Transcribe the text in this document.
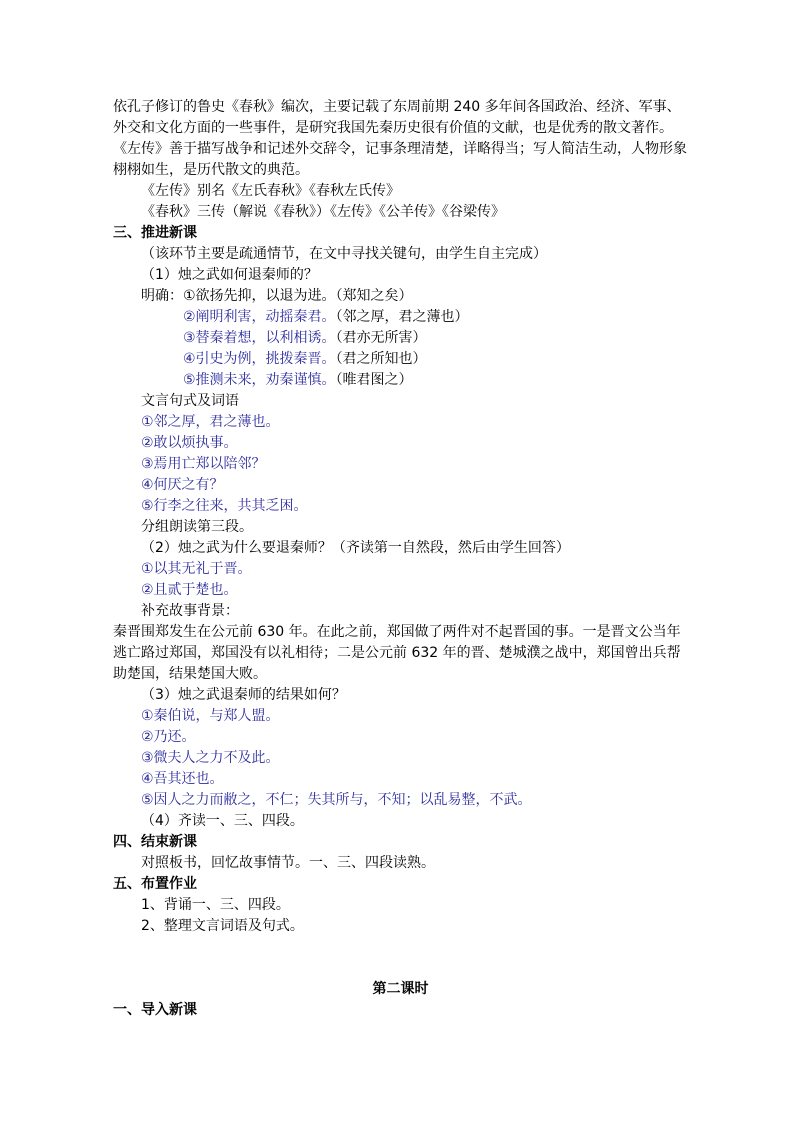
依孔子修订的鲁史《春秋》编次，主要记载了东周前期 240 多年间各国政治、经济、军事、外交和文化方面的一些事件，是研究我国先秦历史很有价值的文献，也是优秀的散文著作。《左传》善于描写战争和记述外交辞令，记事条理清楚，详略得当；写人简洁生动，人物形象栩栩如生，是历代散文的典范。
《左传》别名《左氏春秋》《春秋左氏传》
《春秋》三传（解说《春秋》）《左传》《公羊传》《谷梁传》
三、推进新课
（该环节主要是疏通情节，在文中寻找关键句，由学生自主完成）
（1）烛之武如何退秦师的？
明确：①欲扬先抑，以退为进。（郑知之矣）
②阐明利害，动摇秦君。（邻之厚，君之薄也）
③替秦着想，以利相诱。（君亦无所害）
④引史为例，挑拨秦晋。（君之所知也）
⑤推测未来，劝秦谨慎。（唯君图之）
文言句式及词语
①邻之厚，君之薄也。
②敢以烦执事。
③焉用亡郑以陪邻？
④何厌之有？
⑤行李之往来，共其乏困。
分组朗读第三段。
（2）烛之武为什么要退秦师？（齐读第一自然段，然后由学生回答）
①以其无礼于晋。
②且贰于楚也。
补充故事背景：
秦晋围郑发生在公元前 630 年。在此之前，郑国做了两件对不起晋国的事。一是晋文公当年逃亡路过郑国，郑国没有以礼相待；二是公元前 632 年的晋、楚城濮之战中，郑国曾出兵帮助楚国，结果楚国大败。
（3）烛之武退秦师的结果如何？
①秦伯说，与郑人盟。
②乃还。
③微夫人之力不及此。
④吾其还也。
⑤因人之力而敝之，不仁；失其所与，不知；以乱易整，不武。
（4）齐读一、三、四段。
四、结束新课
对照板书，回忆故事情节。一、三、四段读熟。
五、布置作业
1、背诵一、三、四段。
2、整理文言词语及句式。
第二课时
一、导入新课
